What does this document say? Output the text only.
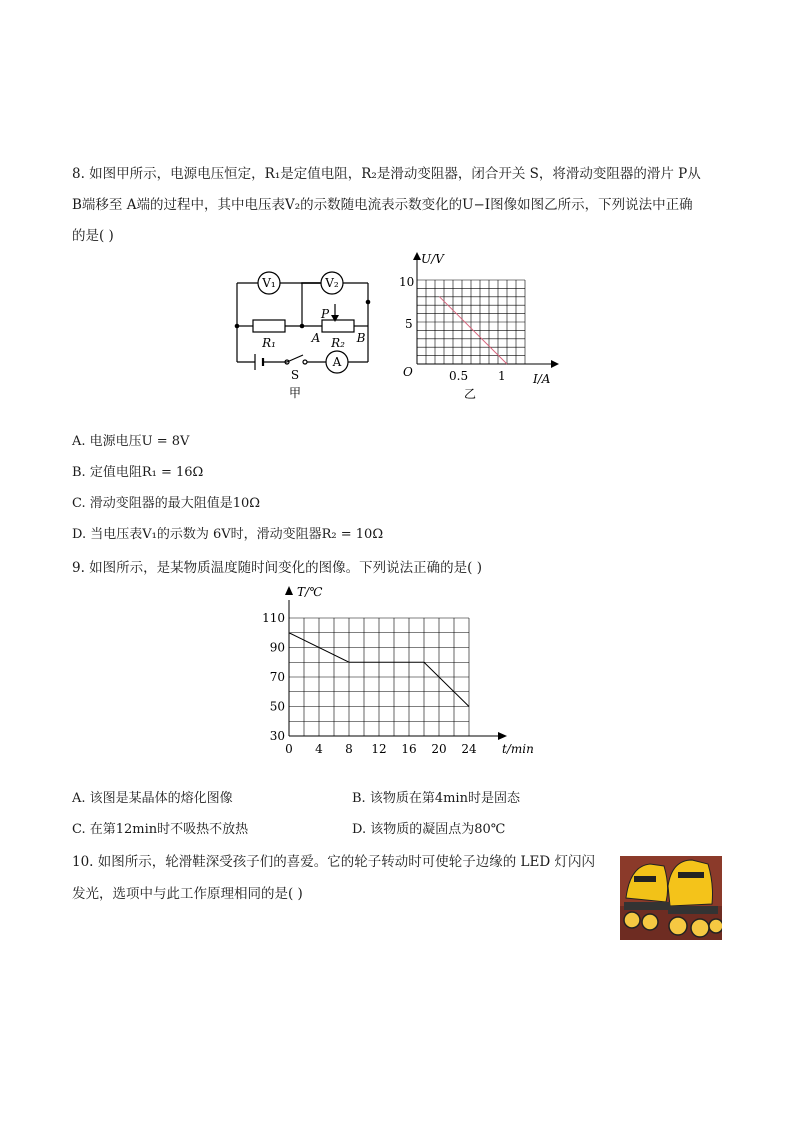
8. 如图甲所示，电源电压恒定，R₁是定值电阻，R₂是滑动变阻器，闭合开关 S，将滑动变阻器的滑片 P从
B端移至 A端的过程中，其中电压表V₂的示数随电流表示数变化的U−I图像如图乙所示，下列说法中正确
的是( )
V₁	V₂
A
R₁	R₂
P
A	B
S
甲
U/V
I/A
O
10
5
0.5 1
乙
A. 电源电压U = 8V
B. 定值电阻R₁ = 16Ω
C. 滑动变阻器的最大阻值是10Ω
D. 当电压表V₁的示数为 6V时，滑动变阻器R₂ = 10Ω
9. 如图所示，是某物质温度随时间变化的图像。下列说法正确的是( )
T/℃
t/min
110
90
70
50
30
0 4 8 12 16 20 24
A. 该图是某晶体的熔化图像	B. 该物质在第4min时是固态
C. 在第12min时不吸热不放热	D. 该物质的凝固点为80℃
10. 如图所示，轮滑鞋深受孩子们的喜爱。它的轮子转动时可使轮子边缘的 LED 灯闪闪
发光，选项中与此工作原理相同的是( )
